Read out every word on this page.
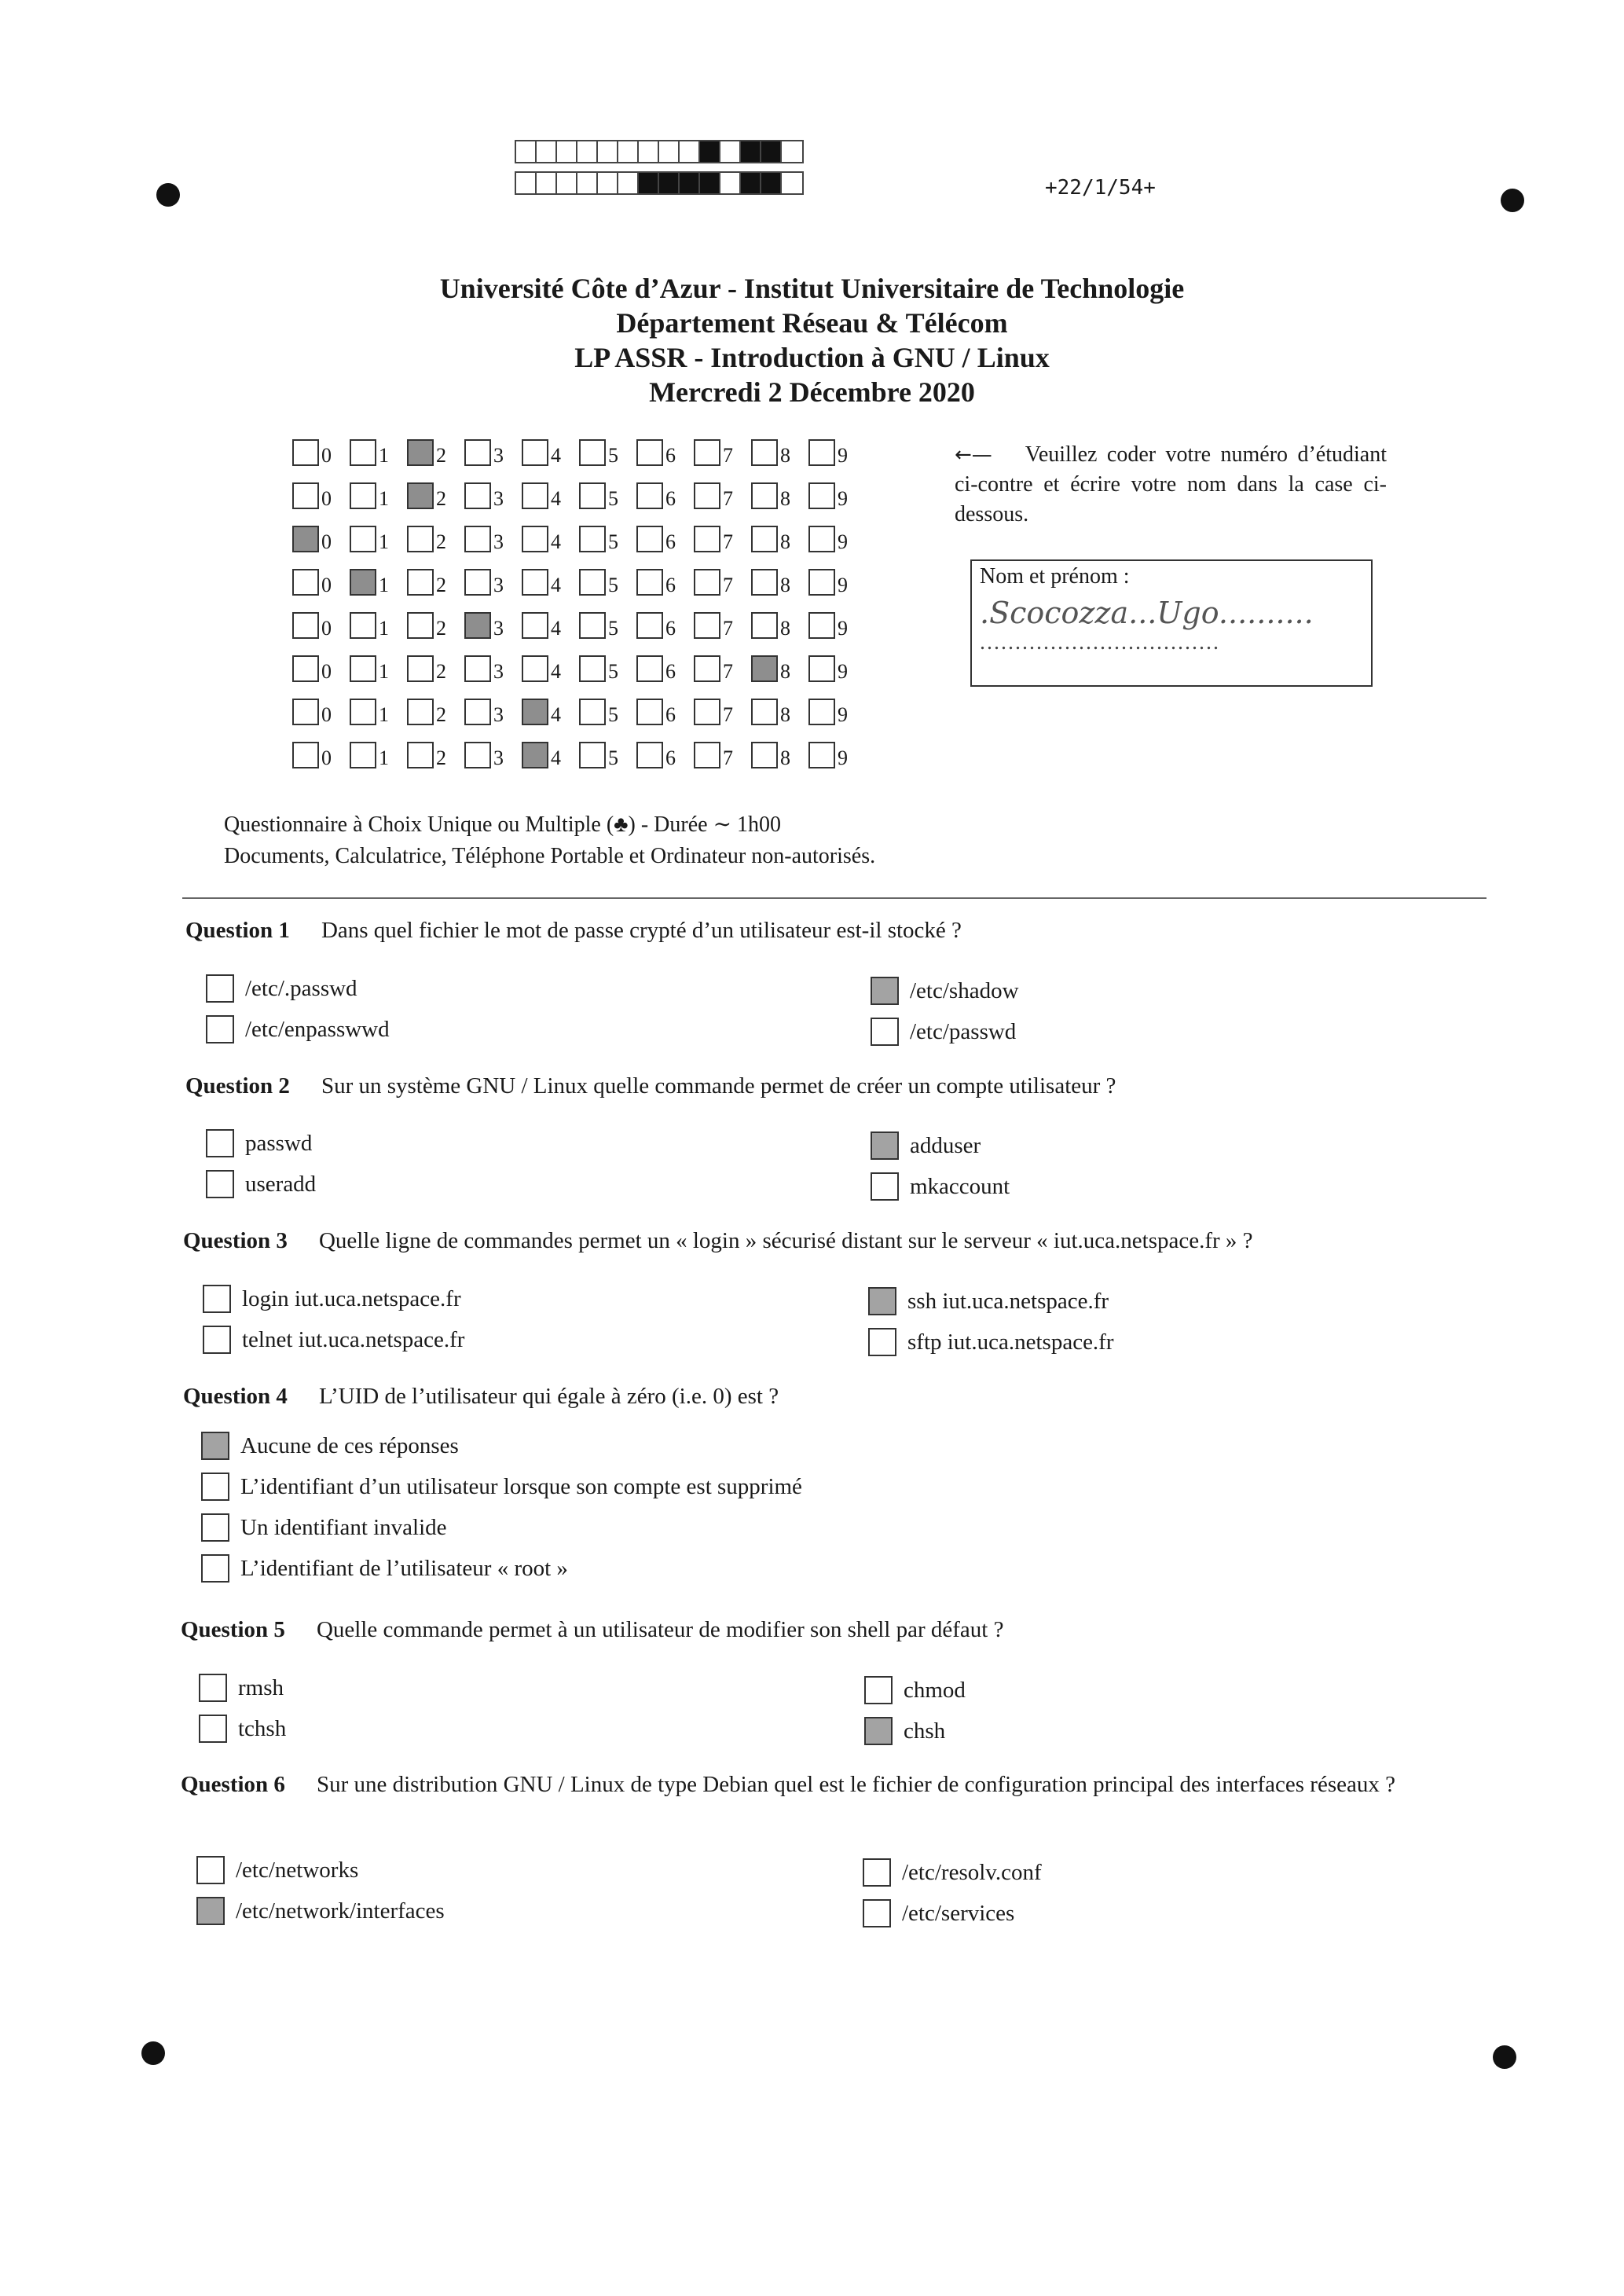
+22/1/54+
Université Côte d’Azur - Institut Universitaire de Technologie
Département Réseau & Télécom
LP ASSR - Introduction à GNU / Linux
Mercredi 2 Décembre 2020
0 1 2 3 4 5 6 7 8 9
0 1 2 3 4 5 6 7 8 9
0 1 2 3 4 5 6 7 8 9
0 1 2 3 4 5 6 7 8 9
0 1 2 3 4 5 6 7 8 9
0 1 2 3 4 5 6 7 8 9
0 1 2 3 4 5 6 7 8 9
0 1 2 3 4 5 6 7 8 9
←— Veuillez coder votre numéro d’étudiant ci-contre et écrire votre nom dans la case ci-dessous.
Nom et prénom :
.Scocozza...Ugo..........
..................................
Questionnaire à Choix Unique ou Multiple (♣) - Durée ∼ 1h00
Documents, Calculatrice, Téléphone Portable et Ordinateur non-autorisés.
Question 1 Dans quel fichier le mot de passe crypté d’un utilisateur est-il stocké ?
/etc/.passwd
/etc/enpasswwd
/etc/shadow
/etc/passwd
Question 2 Sur un système GNU / Linux quelle commande permet de créer un compte utilisateur ?
passwd
useradd
adduser
mkaccount
Question 3 Quelle ligne de commandes permet un « login » sécurisé distant sur le serveur « iut.uca.netspace.fr » ?
login iut.uca.netspace.fr
telnet iut.uca.netspace.fr
ssh iut.uca.netspace.fr
sftp iut.uca.netspace.fr
Question 4 L’UID de l’utilisateur qui égale à zéro (i.e. 0) est ?
Aucune de ces réponses
L’identifiant d’un utilisateur lorsque son compte est supprimé
Un identifiant invalide
L’identifiant de l’utilisateur « root »
Question 5 Quelle commande permet à un utilisateur de modifier son shell par défaut ?
rmsh
tchsh
chmod
chsh
Question 6 Sur une distribution GNU / Linux de type Debian quel est le fichier de configuration principal des interfaces réseaux ?
/etc/networks
/etc/network/interfaces
/etc/resolv.conf
/etc/services
